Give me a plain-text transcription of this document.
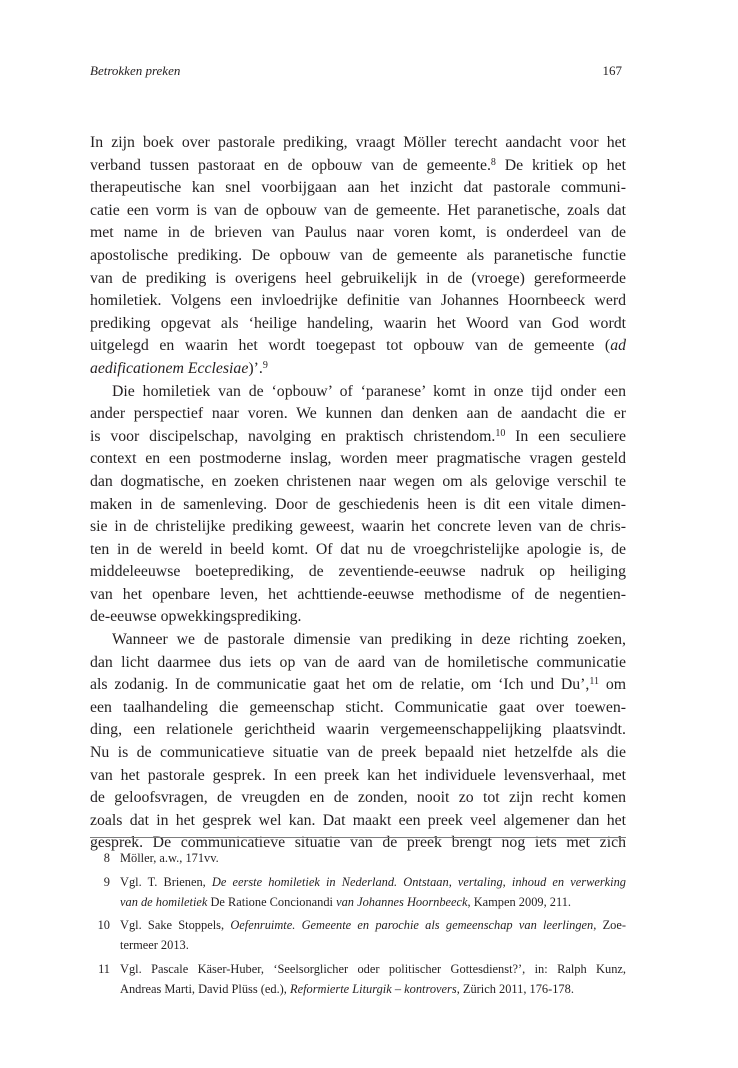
Betrokken preken	167
In zijn boek over pastorale prediking, vraagt Möller terecht aandacht voor het
verband tussen pastoraat en de opbouw van de gemeente.$^8$ De kritiek op het
therapeutische kan snel voorbijgaan aan het inzicht dat pastorale communi-
catie een vorm is van de opbouw van de gemeente. Het paranetische, zoals dat
met name in de brieven van Paulus naar voren komt, is onderdeel van de
apostolische prediking. De opbouw van de gemeente als paranetische functie
van de prediking is overigens heel gebruikelijk in de (vroege) gereformeerde
homiletiek. Volgens een invloedrijke definitie van Johannes Hoornbeeck werd
prediking opgevat als ‘heilige handeling, waarin het Woord van God wordt
uitgelegd en waarin het wordt toegepast tot opbouw van de gemeente (ad
aedificationem Ecclesiae)’.$^9$
Die homiletiek van de ‘opbouw’ of ‘paranese’ komt in onze tijd onder een
ander perspectief naar voren. We kunnen dan denken aan de aandacht die er
is voor discipelschap, navolging en praktisch christendom.$^{10}$ In een seculiere
context en een postmoderne inslag, worden meer pragmatische vragen gesteld
dan dogmatische, en zoeken christenen naar wegen om als gelovige verschil te
maken in de samenleving. Door de geschiedenis heen is dit een vitale dimen-
sie in de christelijke prediking geweest, waarin het concrete leven van de chris-
ten in de wereld in beeld komt. Of dat nu de vroegchristelijke apologie is, de
middeleeuwse boeteprediking, de zeventiende-eeuwse nadruk op heiliging
van het openbare leven, het achttiende-eeuwse methodisme of de negentien-
de-eeuwse opwekkingsprediking.
Wanneer we de pastorale dimensie van prediking in deze richting zoeken,
dan licht daarmee dus iets op van de aard van de homiletische communicatie
als zodanig. In de communicatie gaat het om de relatie, om ‘Ich und Du’,$^{11}$ om
een taalhandeling die gemeenschap sticht. Communicatie gaat over toewen-
ding, een relationele gerichtheid waarin vergemeenschappelijking plaatsvindt.
Nu is de communicatieve situatie van de preek bepaald niet hetzelfde als die
van het pastorale gesprek. In een preek kan het individuele levensverhaal, met
de geloofsvragen, de vreugden en de zonden, nooit zo tot zijn recht komen
zoals dat in het gesprek wel kan. Dat maakt een preek veel algemener dan het
gesprek. De communicatieve situatie van de preek brengt nog iets met zich
8 Möller, a.w., 171vv.
9 Vgl. T. Brienen, De eerste homiletiek in Nederland. Ontstaan, vertaling, inhoud en verwerking
van de homiletiek De Ratione Concionandi van Johannes Hoornbeeck, Kampen 2009, 211.
10 Vgl. Sake Stoppels, Oefenruimte. Gemeente en parochie als gemeenschap van leerlingen, Zoe-
termeer 2013.
11 Vgl. Pascale Käser-Huber, ‘Seelsorglicher oder politischer Gottesdienst?’, in: Ralph Kunz,
Andreas Marti, David Plüss (ed.), Reformierte Liturgik – kontrovers, Zürich 2011, 176-178.
